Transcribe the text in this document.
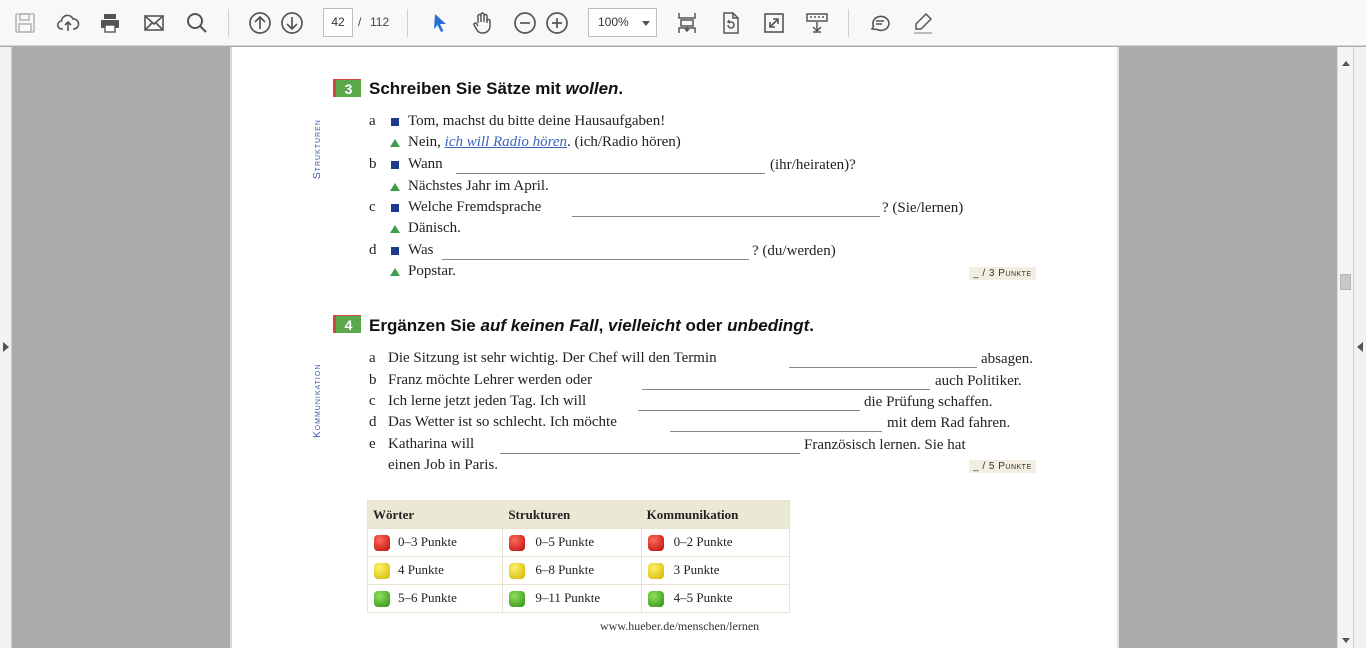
42	/ 112	100%
3 Schreiben Sie Sätze mit wollen.
Strukturen	a Tom, machst du bitte deine Hausaufgaben!
Nein, ich will Radio hören. (ich/Radio hören)
b Wann	(ihr/heiraten)?
Nächstes Jahr im April.
c Welche Fremdsprache	? (Sie/lernen)
Dänisch.
d Was	? (du/werden)
Popstar.	_ / 3 Punkte
4 Ergänzen Sie auf keinen Fall, vielleicht oder unbedingt.
Kommunikation
a Die Sitzung ist sehr wichtig. Der Chef will den Termin	absagen.
b Franz möchte Lehrer werden oder	auch Politiker.
c Ich lerne jetzt jeden Tag. Ich will	die Prüfung schaffen.
d Das Wetter ist so schlecht. Ich möchte	mit dem Rad fahren.
e Katharina will	Französisch lernen. Sie hat
einen Job in Paris.	_ / 5 Punkte
Wörter	Strukturen	Kommunikation
0–3 Punkte	0–5 Punkte	0–2 Punkte
4 Punkte	6–8 Punkte	3 Punkte
5–6 Punkte	9–11 Punkte	4–5 Punkte
www.hueber.de/menschen/lernen
